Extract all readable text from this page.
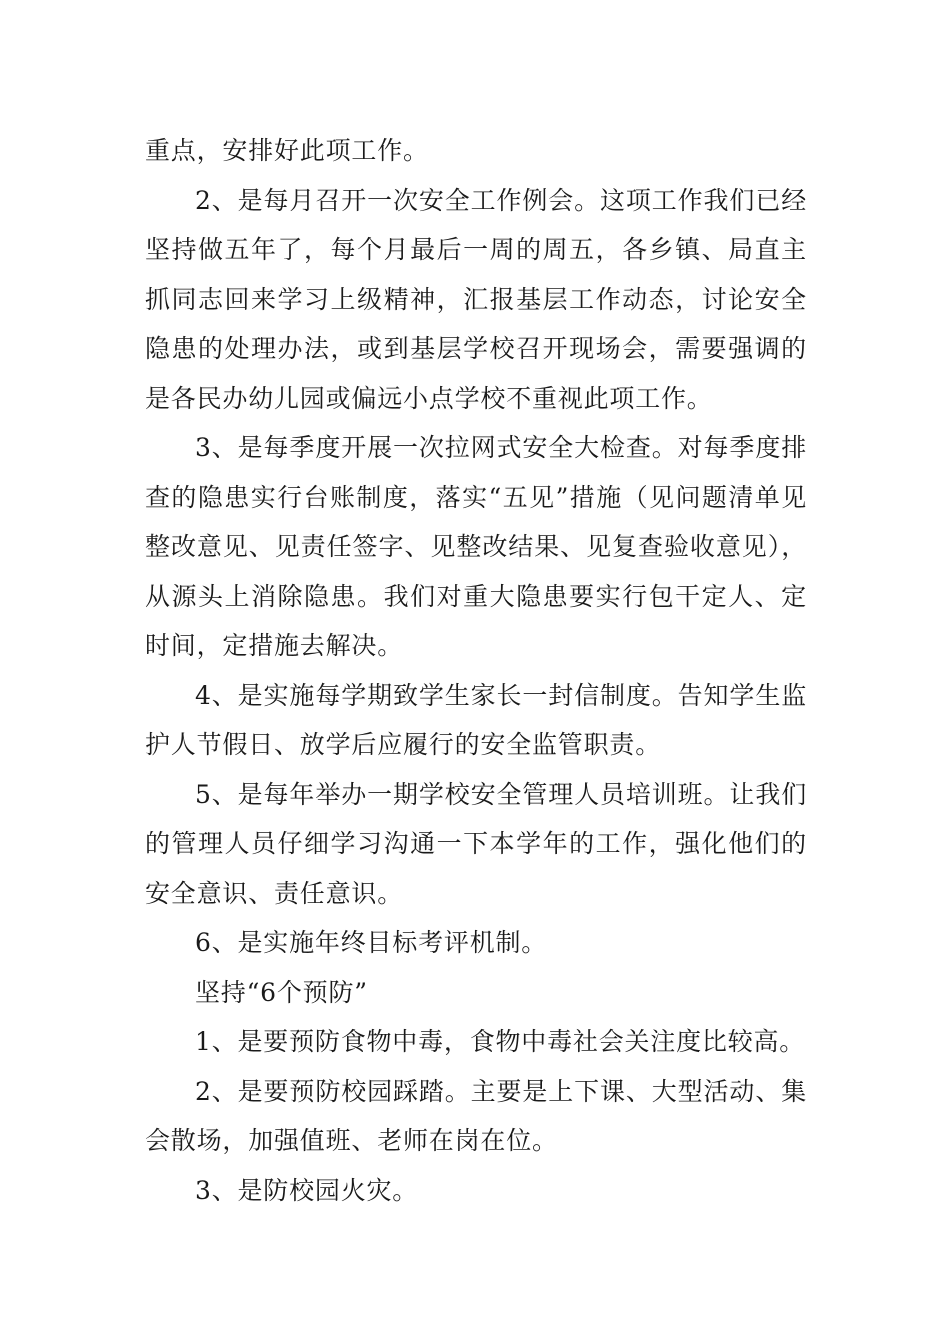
重点，安排好此项工作。

2、是每月召开一次安全工作例会。这项工作我们已经坚持做五年了，每个月最后一周的周五，各乡镇、局直主抓同志回来学习上级精神，汇报基层工作动态，讨论安全隐患的处理办法，或到基层学校召开现场会，需要强调的是各民办幼儿园或偏远小点学校不重视此项工作。

3、是每季度开展一次拉网式安全大检查。对每季度排查的隐患实行台账制度，落实“五见”措施（见问题清单见整改意见、见责任签字、见整改结果、见复查验收意见），从源头上消除隐患。我们对重大隐患要实行包干定人、定时间，定措施去解决。

4、是实施每学期致学生家长一封信制度。告知学生监护人节假日、放学后应履行的安全监管职责。

5、是每年举办一期学校安全管理人员培训班。让我们的管理人员仔细学习沟通一下本学年的工作，强化他们的安全意识、责任意识。

6、是实施年终目标考评机制。

坚持“6个预防”

1、是要预防食物中毒，食物中毒社会关注度比较高。

2、是要预防校园踩踏。主要是上下课、大型活动、集会散场，加强值班、老师在岗在位。

3、是防校园火灾。
